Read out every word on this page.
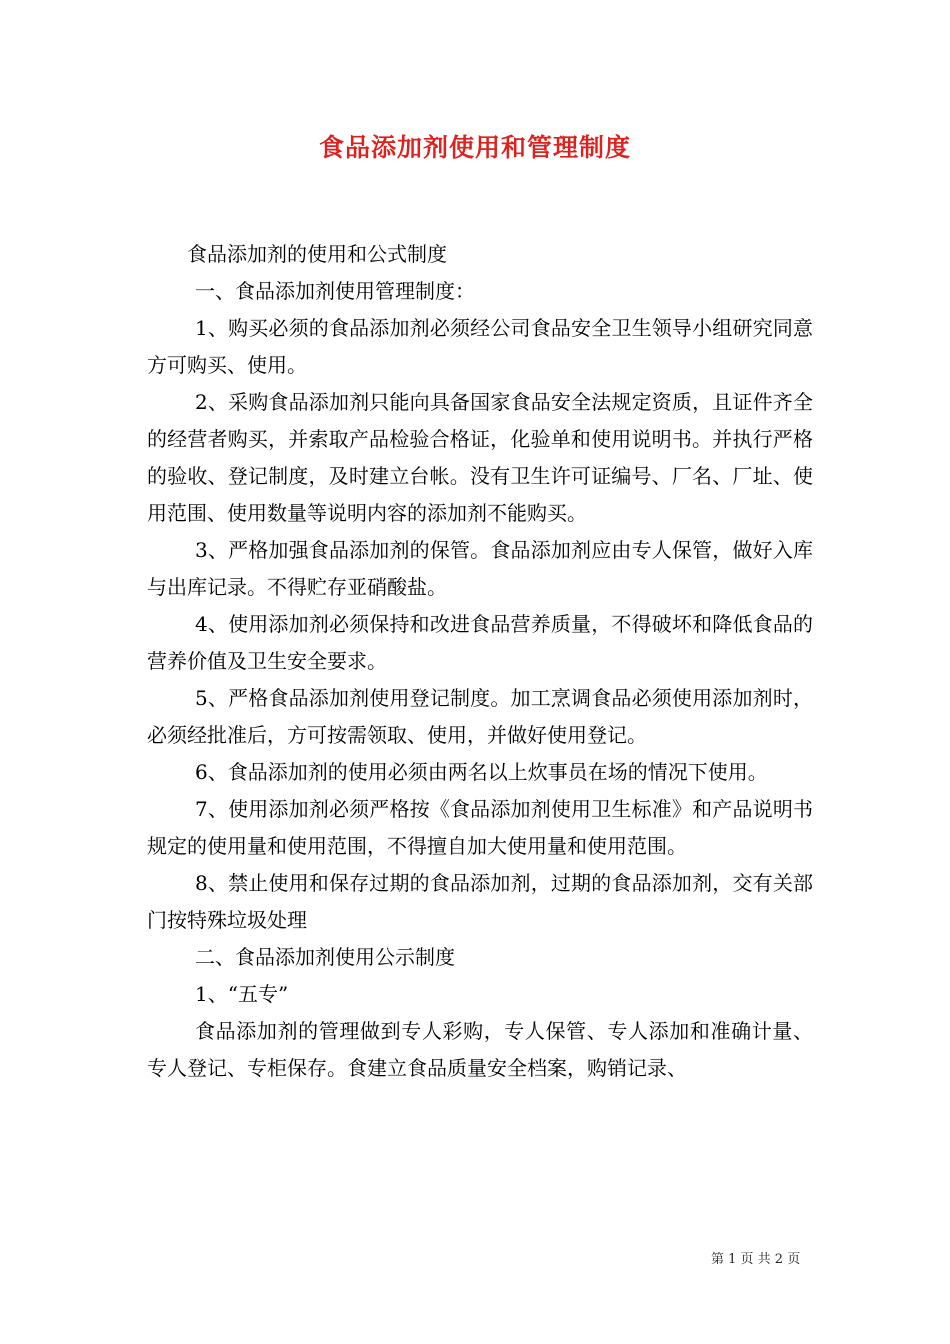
食品添加剂使用和管理制度

食品添加剂的使用和公式制度

一、食品添加剂使用管理制度：

1、购买必须的食品添加剂必须经公司食品安全卫生领导小组研究同意方可购买、使用。

2、采购食品添加剂只能向具备国家食品安全法规定资质，且证件齐全的经营者购买，并索取产品检验合格证，化验单和使用说明书。并执行严格的验收、登记制度，及时建立台帐。没有卫生许可证编号、厂名、厂址、使用范围、使用数量等说明内容的添加剂不能购买。

3、严格加强食品添加剂的保管。食品添加剂应由专人保管，做好入库与出库记录。不得贮存亚硝酸盐。

4、使用添加剂必须保持和改进食品营养质量，不得破坏和降低食品的营养价值及卫生安全要求。

5、严格食品添加剂使用登记制度。加工烹调食品必须使用添加剂时，必须经批准后，方可按需领取、使用，并做好使用登记。

6、食品添加剂的使用必须由两名以上炊事员在场的情况下使用。

7、使用添加剂必须严格按《食品添加剂使用卫生标准》和产品说明书规定的使用量和使用范围，不得擅自加大使用量和使用范围。

8、禁止使用和保存过期的食品添加剂，过期的食品添加剂，交有关部门按特殊垃圾处理

二、食品添加剂使用公示制度

1、“五专”

食品添加剂的管理做到专人彩购，专人保管、专人添加和准确计量、专人登记、专柜保存。食建立食品质量安全档案，购销记录、

第 1 页 共 2 页
